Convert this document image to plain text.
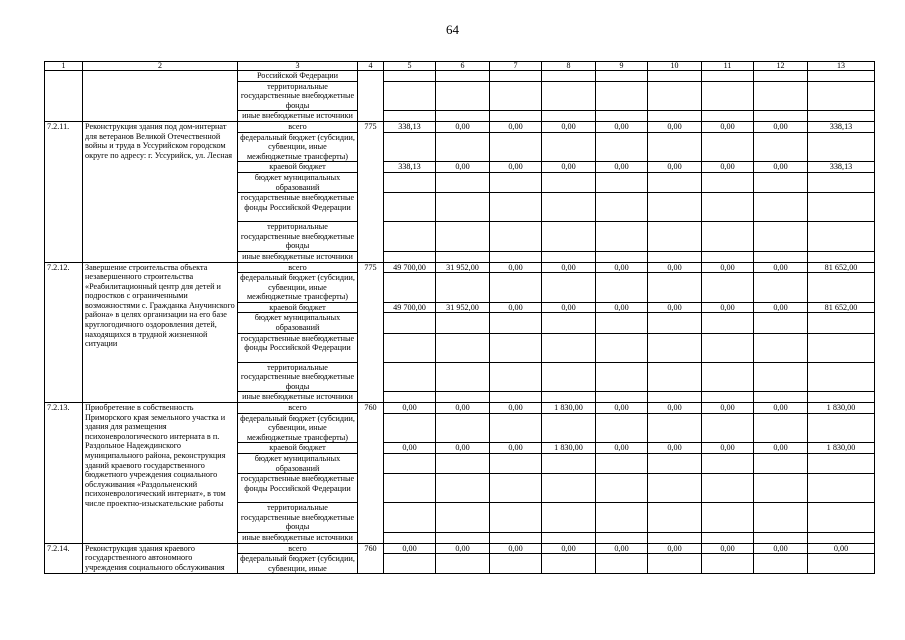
64
1	2	3	4	5	6	7	8	9	10	11	12	13
		Российской Федерации										
		территориальные государственные внебюджетные фонды										
		иные внебюджетные источники										
7.2.11.	Реконструкция здания под дом-интернат для ветеранов Великой Отечественной войны и труда в Уссурийском городском округе по адресу: г. Уссурийск, ул. Лесная	всего	775	338,13	0,00	0,00	0,00	0,00	0,00	0,00	0,00	338,13
		федеральный бюджет (субсидии, субвенции, иные межбюджетные трансферты)										
		краевой бюджет		338,13	0,00	0,00	0,00	0,00	0,00	0,00	0,00	338,13
		бюджет муниципальных образований										
		государственные внебюджетные фонды Российской Федерации										
		территориальные государственные внебюджетные фонды										
		иные внебюджетные источники										
7.2.12.	Завершение строительства объекта незавершенного строительства «Реабилитационный центр для детей и подростков с ограниченными возможностями с. Гражданка Анучинского района» в целях организации на его базе круглогодичного оздоровления детей, находящихся в трудной жизненной ситуации	всего	775	49 700,00	31 952,00	0,00	0,00	0,00	0,00	0,00	0,00	81 652,00
		федеральный бюджет (субсидии, субвенции, иные межбюджетные трансферты)										
		краевой бюджет		49 700,00	31 952,00	0,00	0,00	0,00	0,00	0,00	0,00	81 652,00
		бюджет муниципальных образований										
		государственные внебюджетные фонды Российской Федерации										
		территориальные государственные внебюджетные фонды										
		иные внебюджетные источники										
7.2.13.	Приобретение в собственность Приморского края земельного участка и здания для размещения психоневрологического интерната в п. Раздольное Надеждинского муниципального района, реконструкция зданий краевого государственного бюджетного учреждения социального обслуживания «Раздольненский психоневрологический интернат», в том числе проектно-изыскательские работы	всего	760	0,00	0,00	0,00	1 830,00	0,00	0,00	0,00	0,00	1 830,00
		федеральный бюджет (субсидии, субвенции, иные межбюджетные трансферты)										
		краевой бюджет		0,00	0,00	0,00	1 830,00	0,00	0,00	0,00	0,00	1 830,00
		бюджет муниципальных образований										
		государственные внебюджетные фонды Российской Федерации										
		территориальные государственные внебюджетные фонды										
		иные внебюджетные источники										
7.2.14.	Реконструкция здания краевого государственного автономного учреждения социального обслуживания	всего	760	0,00	0,00	0,00	0,00	0,00	0,00	0,00	0,00	0,00
		федеральный бюджет (субсидии, субвенции, иные										
